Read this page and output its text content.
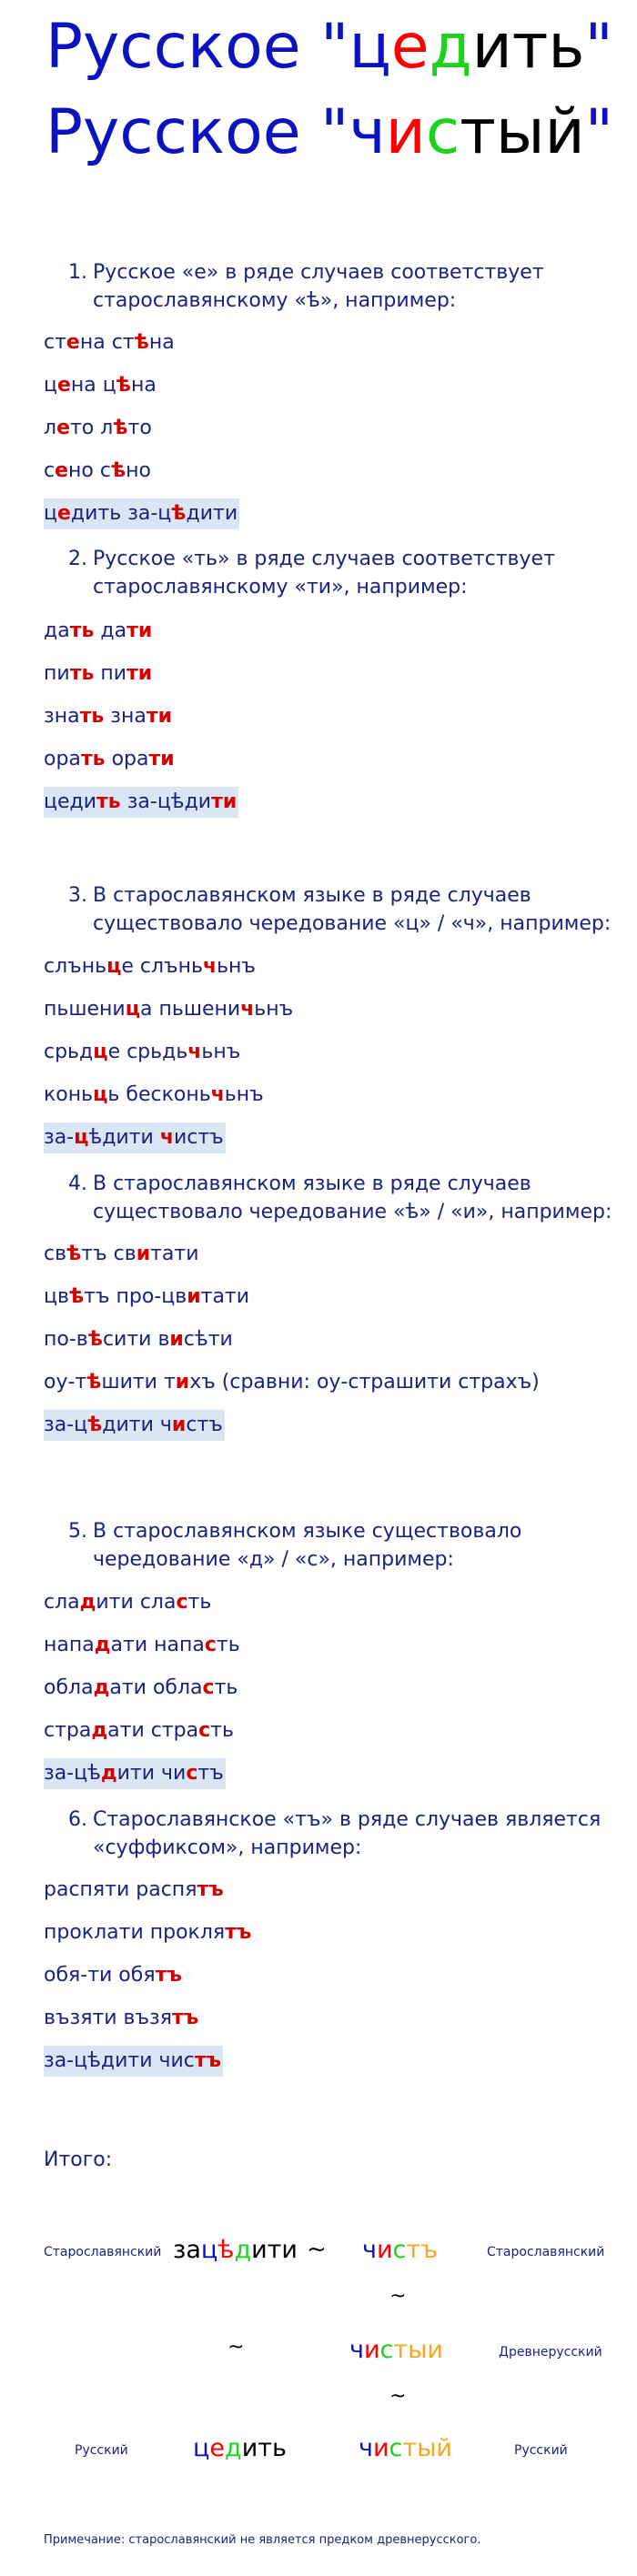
Русское "цедить"
Русское "чистый"
1. Русское «е» в ряде случаев соответствует старославянскому «ѣ», например:
стена стѣна
цена цѣна
лето лѣто
сено сѣно
цедить за-цѣдити
2. Русское «ть» в ряде случаев соответствует старославянскому «ти», например:
дать дати
пить пити
знать знати
орать орати
цедить за-цѣдити
3. В старославянском языке в ряде случаев существовало чередование «ц» / «ч», например:
слъньце слъньчьнъ
пьшеница пьшеничьнъ
срьдце срьдьчьнъ
коньць бесконьчьнъ
за-цѣдити чистъ
4. В старославянском языке в ряде случаев существовало чередование «ѣ» / «и», например:
свѣтъ свитати
цвѣтъ про-цвитати
по-вѣсити висѣти
оу-тѣшити тихъ (сравни: оу-страшити страхъ)
за-цѣдити чистъ
5. В старославянском языке существовало чередование «д» / «с», например:
сладити сласть
нападати напасть
обладати область
страдати страсть
за-цѣдити чистъ
6. Старославянское «тъ» в ряде случаев является «суффиксом», например:
распяти распятъ
проклати проклятъ
обя-ти обятъ
възяти възятъ
за-цѣдити чистъ
Итого:
Старославянский зацѣдити ~ чистъ	Старославянский
~
~	чистыи	Древнерусский
~
Русский	цедить	чистый	Русский
Примечание: старославянский не является предком древнерусского.
